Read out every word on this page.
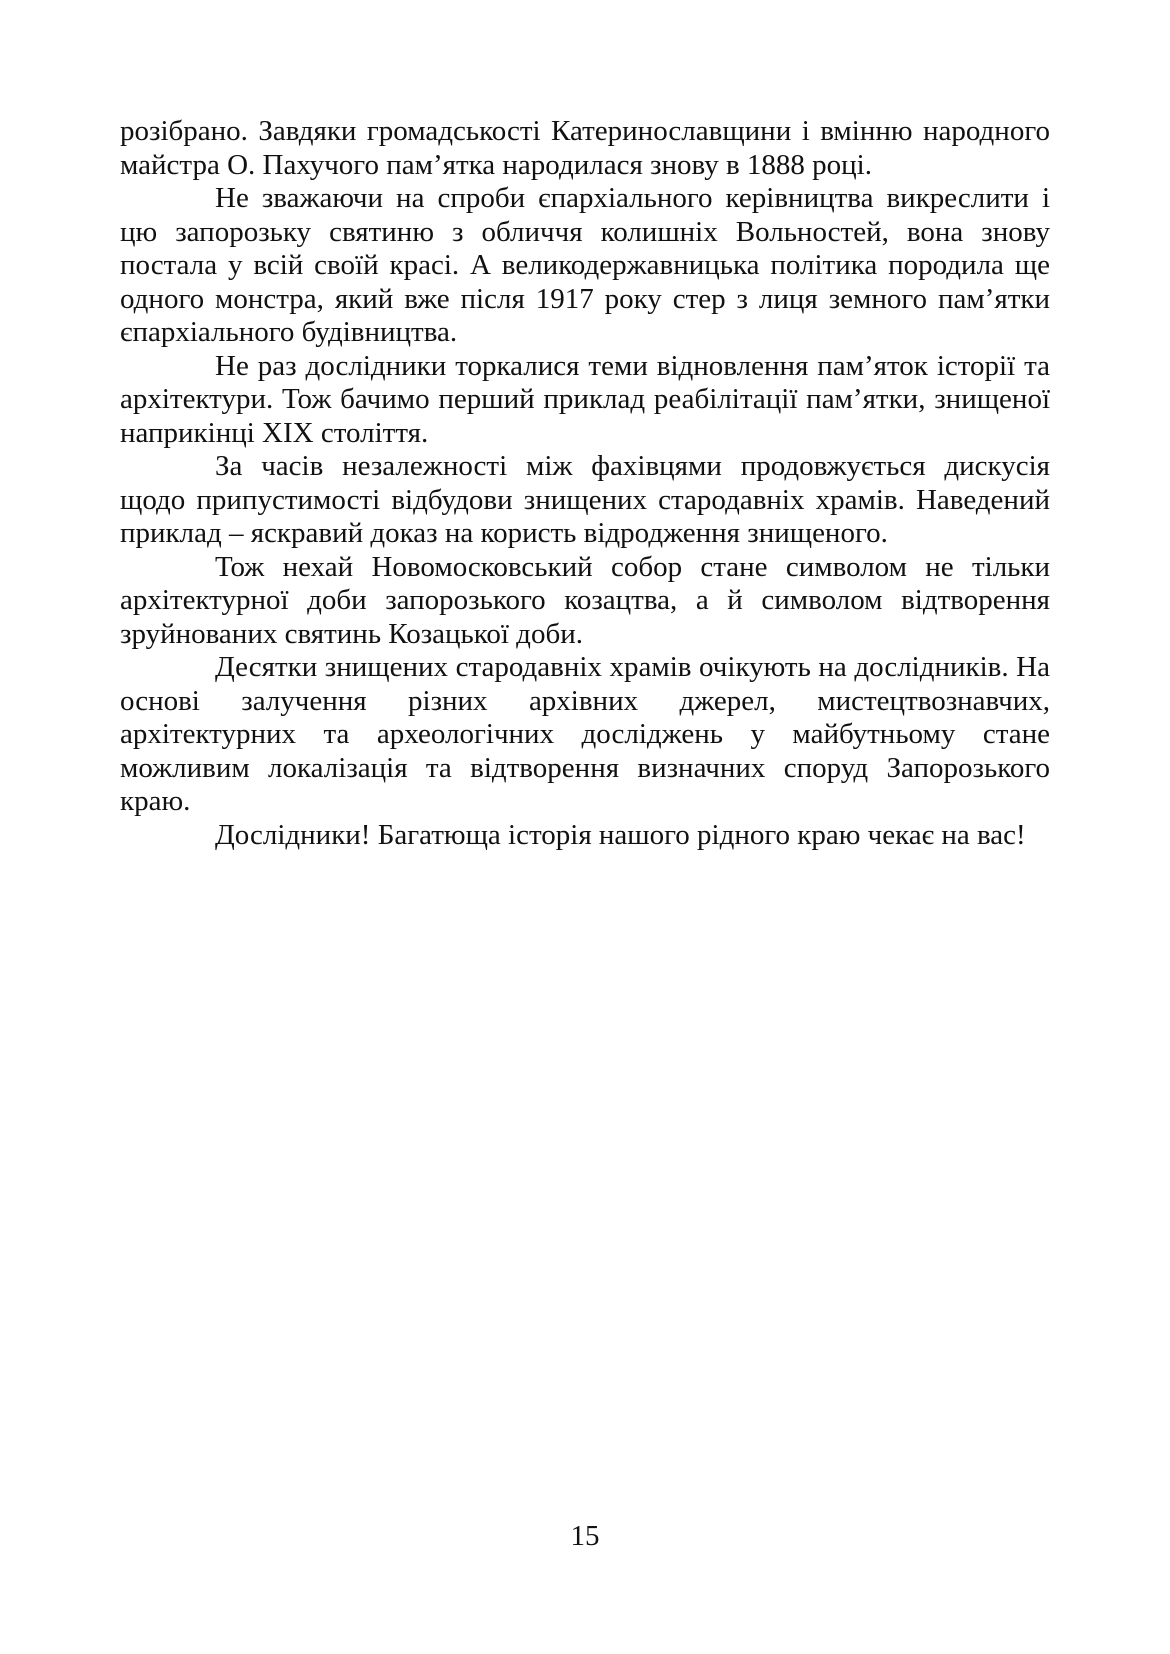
розібрано. Завдяки громадськості Катеринославщини і вмінню народного майстра О. Пахучого пам’ятка народилася знову в 1888 році.

Не зважаючи на спроби єпархіального керівництва викреслити і цю запорозьку святиню з обличчя колишніх Вольностей, вона знову постала у всій своїй красі. А великодержавницька політика породила ще одного монстра, який вже після 1917 року стер з лиця земного пам’ятки єпархіального будівництва.

Не раз дослідники торкалися теми відновлення пам’яток історії та архітектури. Тож бачимо перший приклад реабілітації пам’ятки, знищеної наприкінці XIX століття.

За часів незалежності між фахівцями продовжується дискусія щодо припустимості відбудови знищених стародавніх храмів. Наведений приклад – яскравий доказ на користь відродження знищеного.

Тож нехай Новомосковський собор стане символом не тільки архітектурної доби запорозького козацтва, а й символом відтворення зруйнованих святинь Козацької доби.

Десятки знищених стародавніх храмів очікують на дослідників. На основі залучення різних архівних джерел, мистецтвознавчих, архітектурних та археологічних досліджень у майбутньому стане можливим локалізація та відтворення визначних споруд Запорозького краю.

Дослідники! Багатюща історія нашого рідного краю чекає на вас!

15
